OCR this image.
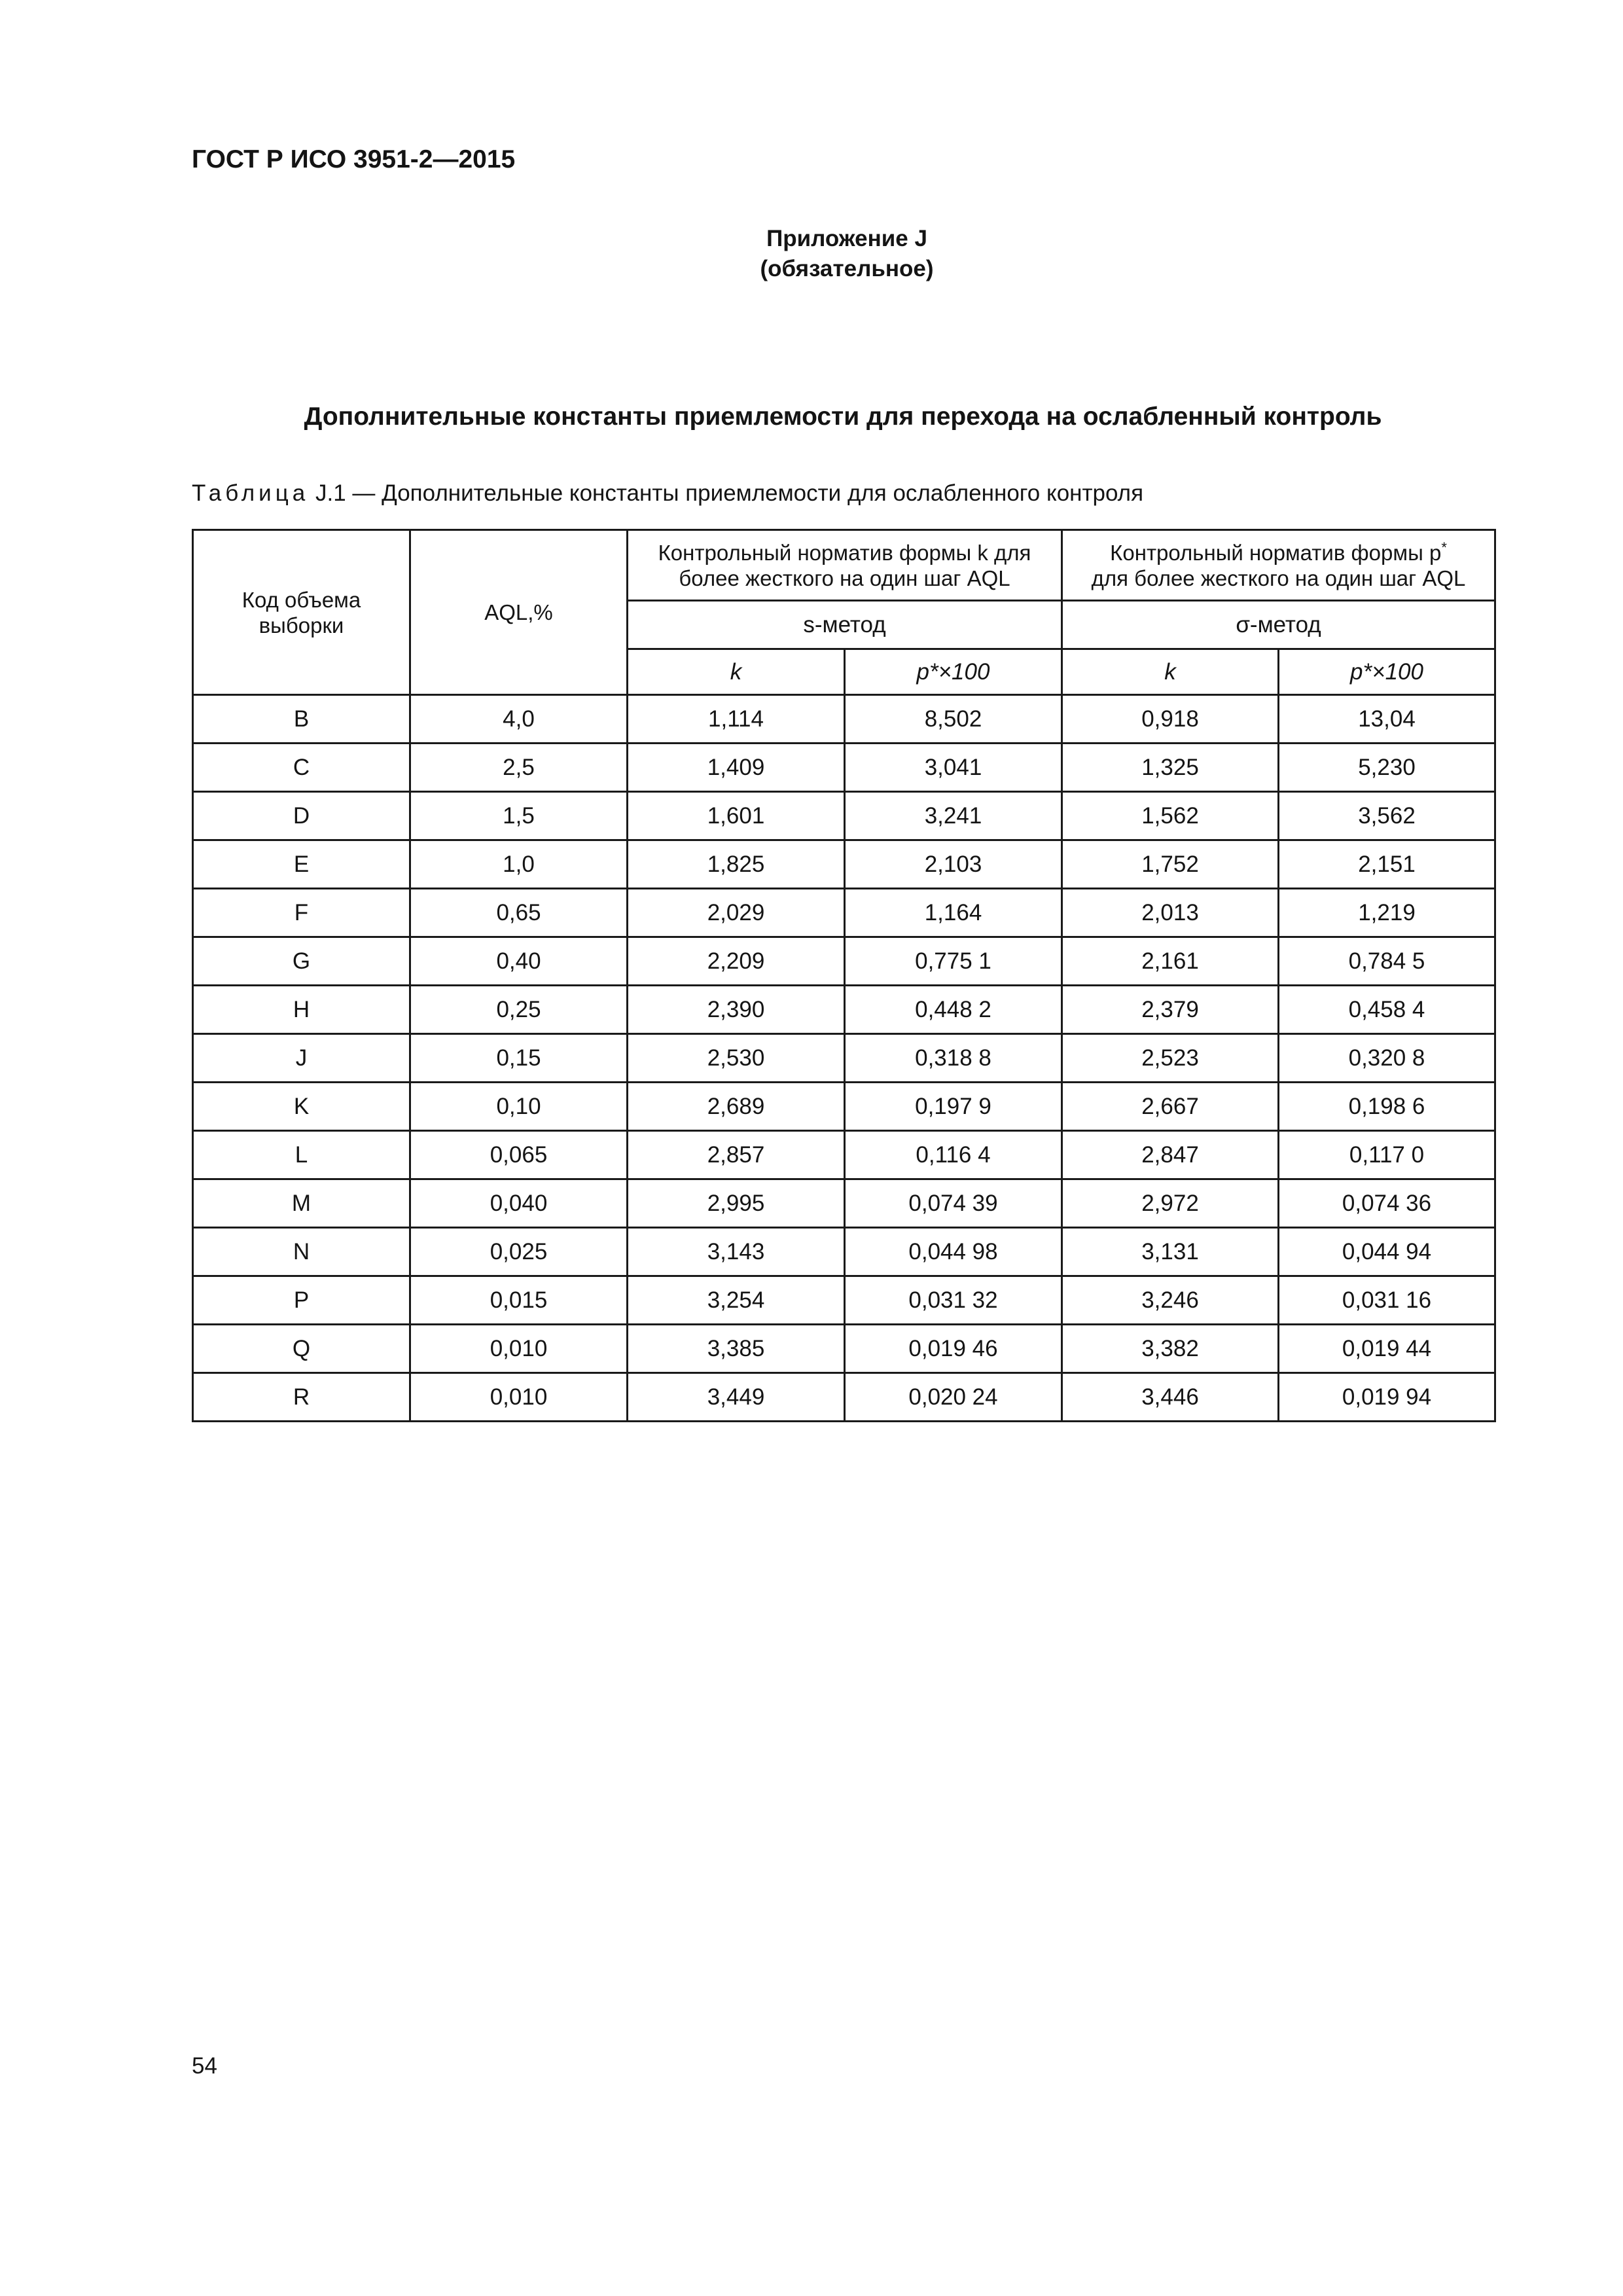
ГОСТ Р ИСО 3951-2—2015
Приложение J
(обязательное)
Дополнительные константы приемлемости для перехода на ослабленный контроль
Таблица J.1 — Дополнительные константы приемлемости для ослабленного контроля
Код объема выборки	AQL,%	Контрольный норматив формы k для более жесткого на один шаг AQL		Контрольный норматив формы p* для более жесткого на один шаг AQL	
		s-метод		σ-метод	
		k	p*×100	k	p*×100
B	4,0	1,114	8,502	0,918	13,04
C	2,5	1,409	3,041	1,325	5,230
D	1,5	1,601	3,241	1,562	3,562
E	1,0	1,825	2,103	1,752	2,151
F	0,65	2,029	1,164	2,013	1,219
G	0,40	2,209	0,775 1	2,161	0,784 5
H	0,25	2,390	0,448 2	2,379	0,458 4
J	0,15	2,530	0,318 8	2,523	0,320 8
K	0,10	2,689	0,197 9	2,667	0,198 6
L	0,065	2,857	0,116 4	2,847	0,117 0
M	0,040	2,995	0,074 39	2,972	0,074 36
N	0,025	3,143	0,044 98	3,131	0,044 94
P	0,015	3,254	0,031 32	3,246	0,031 16
Q	0,010	3,385	0,019 46	3,382	0,019 44
R	0,010	3,449	0,020 24	3,446	0,019 94
54
